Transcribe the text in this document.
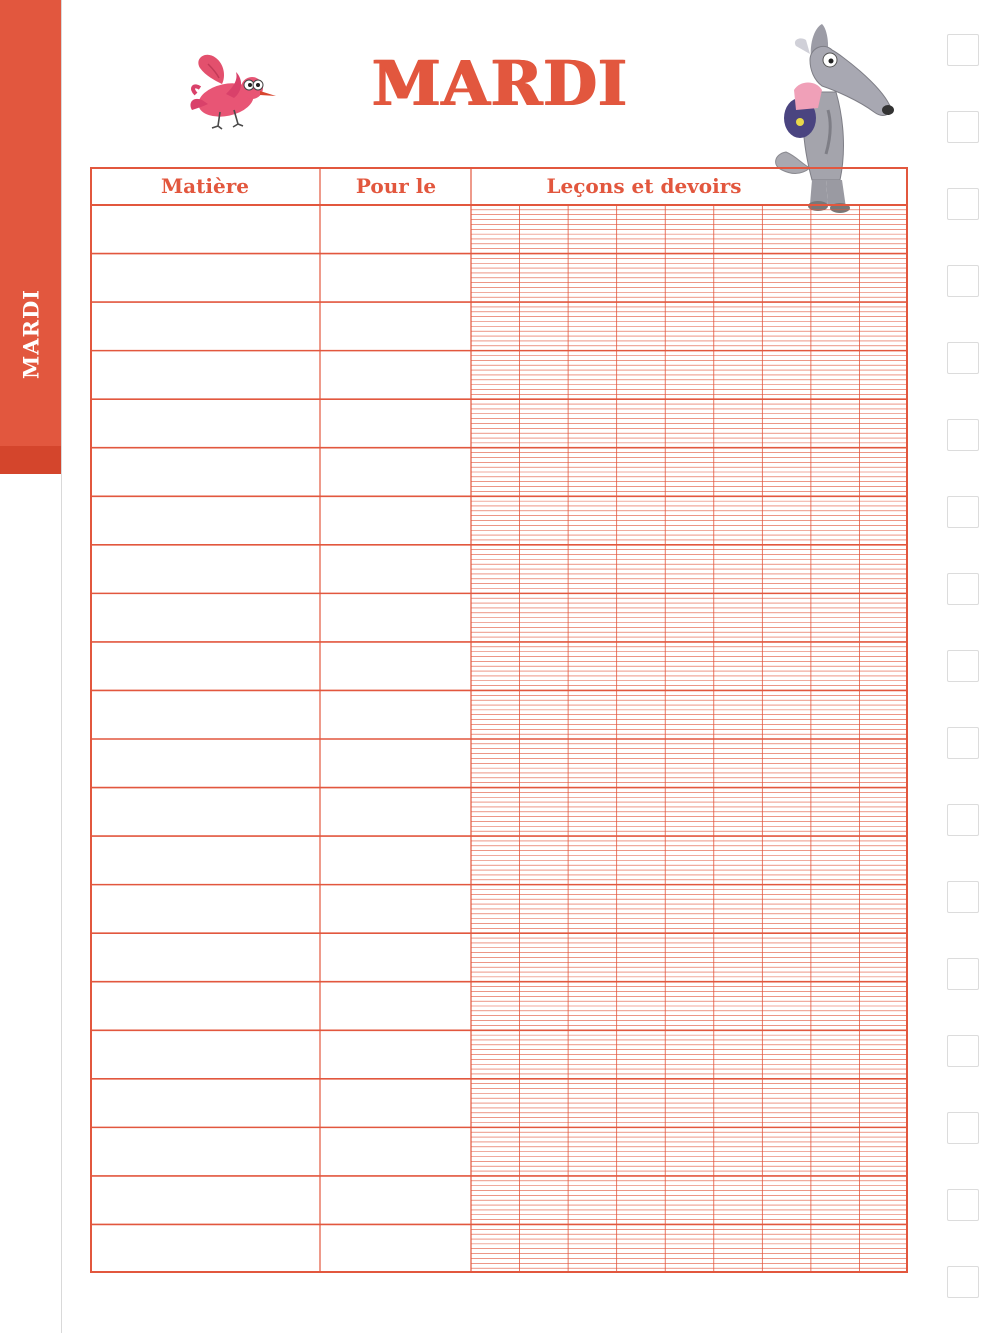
MARDI
MARDI
Matière	Pour le	Leçons et devoirs
